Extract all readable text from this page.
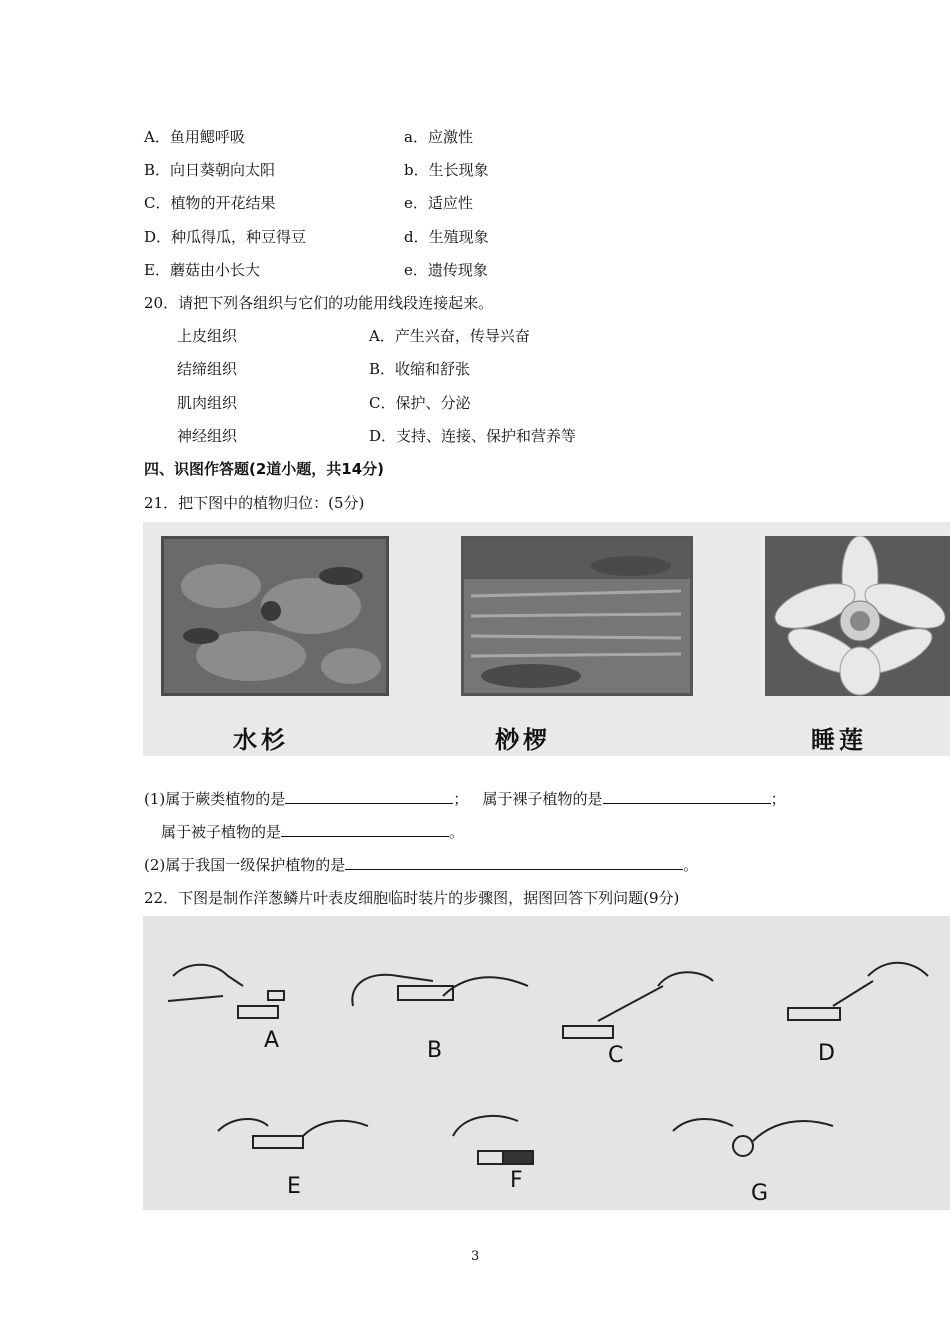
A．鱼用鳃呼吸	a．应激性
B．向日葵朝向太阳	b．生长现象
C．植物的开花结果	e．适应性
D．种瓜得瓜，种豆得豆	d．生殖现象
E．蘑菇由小长大	e．遗传现象
20．请把下列各组织与它们的功能用线段连接起来。
上皮组织	A．产生兴奋，传导兴奋
结缔组织	B．收缩和舒张
肌肉组织	C．保护、分泌
神经组织	D．支持、连接、保护和营养等
四、识图作答题(2道小题，共14分)
21．把下图中的植物归位：(5分)
水杉	桫椤	睡莲
(1)属于蕨类植物的是	；   属于裸子植物的是	；
属于被子植物的是	。
(2)属于我国一级保护植物的是	。
22．下图是制作洋葱鳞片叶表皮细胞临时装片的步骤图，据图回答下列问题(9分)
A	B	C	D
E	F
G
3
